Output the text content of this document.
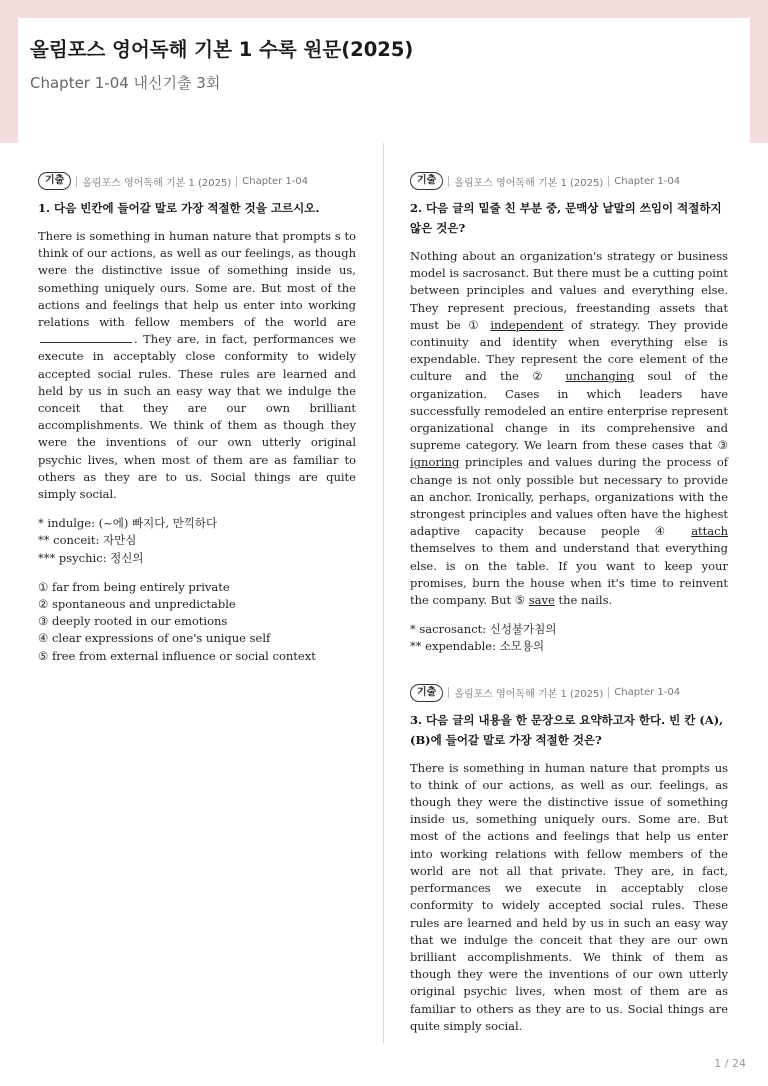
올림포스 영어독해 기본 1 수록 원문(2025)
Chapter 1-04 내신기출 3회
기출	올림포스 영어독해 기본 1 (2025) Chapter 1-04
1. 다음 빈칸에 들어갈 말로 가장 적절한 것을 고르시오.
There is something in human nature that prompts s to think of our actions, as well as our feelings, as though were the distinctive issue of something inside us, something uniquely ours. Some are. But most of the actions and feelings that help us enter into working relations with fellow members of the world are . They are, in fact, performances we execute in acceptably close conformity to widely accepted social rules. These rules are learned and held by us in such an easy way that we indulge the conceit that they are our own brilliant accomplishments. We think of them as though they were the inventions of our own utterly original psychic lives, when most of them are as familiar to others as they are to us. Social things are quite simply social.
* indulge: (~에) 빠지다, 만끽하다
** conceit: 자만심
*** psychic: 정신의
① far from being entirely private
② spontaneous and unpredictable
③ deeply rooted in our emotions
④ clear expressions of one's unique self
⑤ free from external influence or social context
기출	올림포스 영어독해 기본 1 (2025) Chapter 1-04
2. 다음 글의 밑줄 친 부분 중, 문맥상 낱말의 쓰임이 적절하지 않은 것은?
Nothing about an organization's strategy or business model is sacrosanct. But there must be a cutting point between principles and values and everything else. They represent precious, freestanding assets that must be ① independent of strategy. They provide continuity and identity when everything else is expendable. They represent the core element of the culture and the ② unchanging soul of the organization. Cases in which leaders have successfully remodeled an entire enterprise represent organizational change in its comprehensive and supreme category. We learn from these cases that ③ ignoring principles and values during the process of change is not only possible but necessary to provide an anchor. Ironically, perhaps, organizations with the strongest principles and values often have the highest adaptive capacity because people ④ attach themselves to them and understand that everything else. is on the table. If you want to keep your promises, burn the house when it's time to reinvent the company. But ⑤ save the nails.
* sacrosanct: 신성불가침의
** expendable: 소모용의
기출	올림포스 영어독해 기본 1 (2025) Chapter 1-04
3. 다음 글의 내용을 한 문장으로 요약하고자 한다. 빈 칸 (A), (B)에 들어갈 말로 가장 적절한 것은?
There is something in human nature that prompts us to think of our actions, as well as our. feelings, as though they were the distinctive issue of something inside us, something uniquely ours. Some are. But most of the actions and feelings that help us enter into working relations with fellow members of the world are not all that private. They are, in fact, performances we execute in acceptably close conformity to widely accepted social rules. These rules are learned and held by us in such an easy way that we indulge the conceit that they are our own brilliant accomplishments. We think of them as though they were the inventions of our own utterly original psychic lives, when most of them are as familiar to others as they are to us. Social things are quite simply social.
1 / 24
